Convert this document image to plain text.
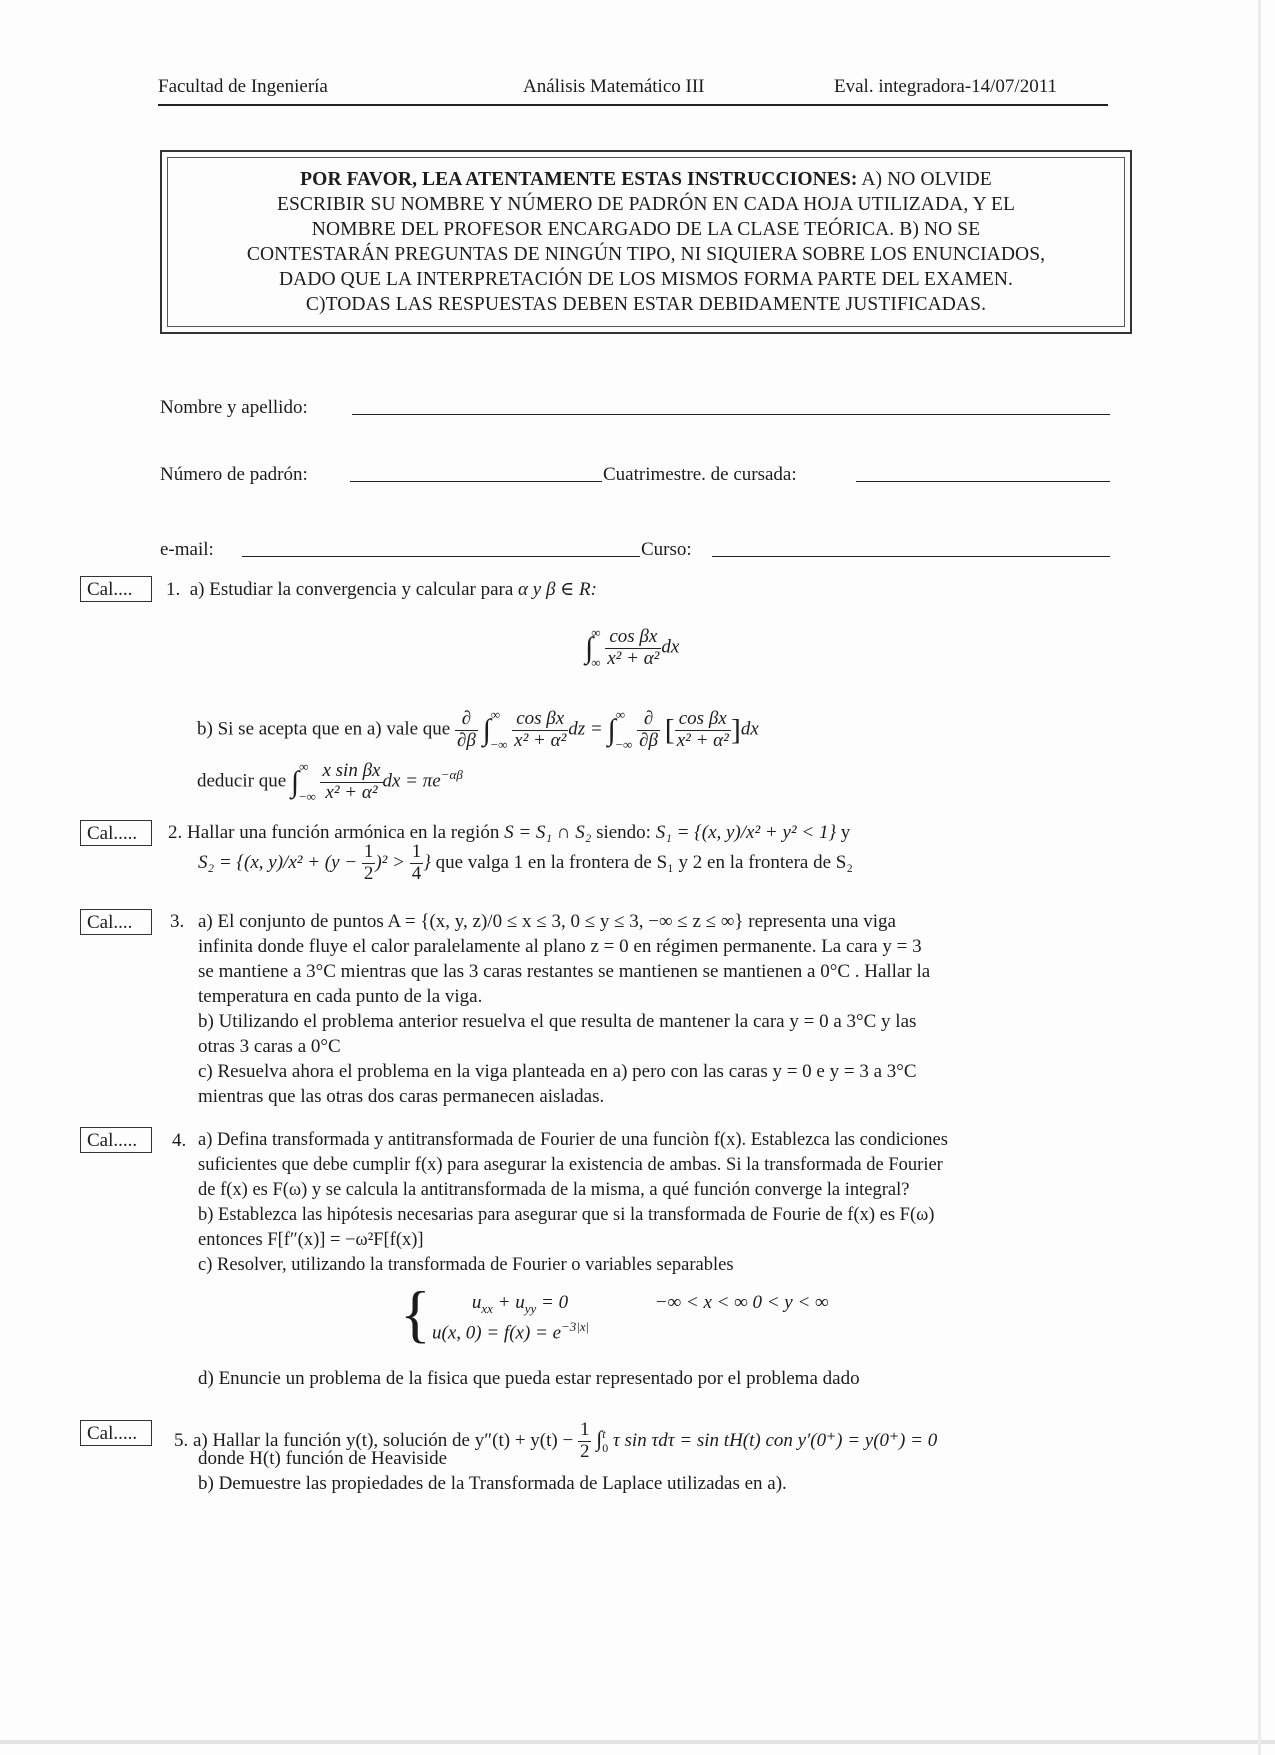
Facultad de Ingeniería	Análisis Matemático III	Eval. integradora-14/07/2011
POR FAVOR, LEA ATENTAMENTE ESTAS INSTRUCCIONES: A) NO OLVIDE
ESCRIBIR SU NOMBRE Y NÚMERO DE PADRÓN EN CADA HOJA UTILIZADA, Y EL
NOMBRE DEL PROFESOR ENCARGADO DE LA CLASE TEÓRICA. B) NO SE
CONTESTARÁN PREGUNTAS DE NINGÚN TIPO, NI SIQUIERA SOBRE LOS ENUNCIADOS,
DADO QUE LA INTERPRETACIÓN DE LOS MISMOS FORMA PARTE DEL EXAMEN.
C)TODAS LAS RESPUESTAS DEBEN ESTAR DEBIDAMENTE JUSTIFICADAS.
Nombre y apellido:
Número de padrón:	Cuatrimestre. de cursada:
e-mail:	Curso:
Cal....	1. a) Estudiar la convergencia y calcular para α y β ∈ R:
∫
∞
∞
$\frac{\text{cos βx}}{\text{x² + α²}}$ dx
b) Si se acepta que en a) vale que $\frac{\partial}{\partial\beta}$ ∫ ∞
−∞
$\frac{\text{cos βx}}{\text{x² + α²}}$ dz = ∫ ∞
−∞
$\frac{\partial}{\partial\beta}$ [ $\frac{\text{cos βx}}{\text{x² + α²}} ]dx$
deducir que ∫ ∞
−∞
$\frac{\text{x sin βx}}{\text{x² + α²}}$ dx = $\pi e^{-\alpha\beta}$
Cal.....	2. Hallar una función armónica en la región S = S₁ ∩ S₂ siendo: S₁ = {(x, y)/x² + y² < 1} y
S₂ = {(x, $y)/x^2 + (y - \frac{1}{2} )^2 > \frac{1}{4}$ } que valga 1 en la frontera de S₁ y 2 en la frontera de S₂
Cal....	3. a) El conjunto de puntos A = {(x, y, z)/0 ≤ x ≤ 3, 0 ≤ y ≤ 3, −∞ ≤ z ≤ ∞} representa una viga
infinita donde fluye el calor paralelamente al plano z = 0 en régimen permanente. La cara y = 3
se mantiene a 3°C mientras que las 3 caras restantes se mantienen se mantienen a 0°C . Hallar la
temperatura en cada punto de la viga.
b) Utilizando el problema anterior resuelva el que resulta de mantener la cara y = 0 a 3°C y las
otras 3 caras a 0°C
c) Resuelva ahora el problema en la viga planteada en a) pero con las caras y = 0 e y = 3 a 3°C
mientras que las otras dos caras permanecen aisladas.
Cal.....	4. a) Defina transformada y antitransformada de Fourier de una funciòn f(x). Establezca las condiciones
suficientes que debe cumplir f(x) para asegurar la existencia de ambas. Si la transformada de Fourier
de f(x) es F(ω) y se calcula la antitransformada de la misma, a qué función converge la integral?
b) Establezca las hipótesis necesarias para asegurar que si la transformada de Fourie de f(x) es F(ω)
entonces F[f″(x)] = −ω²F[f(x)]
c) Resolver, utilizando la transformada de Fourier o variables separables
{	$u_{xx} + u_{yy} = 0$	−∞ < x < ∞ 0 < y < ∞
u(x, $0) = f(x) = e^{-3|x|}$
d) Enuncie un problema de la fisica que pueda estar representado por el problema dado
Cal.....	5. a) Hallar la función y(t), solución de $y''(t) + y(t) - \frac{1}{2}$ ∫ t
0 τ sin τdτ = sin tH(t) con y′(0⁺) = y(0⁺) = 0
donde H(t) función de Heaviside
b) Demuestre las propiedades de la Transformada de Laplace utilizadas en a).
